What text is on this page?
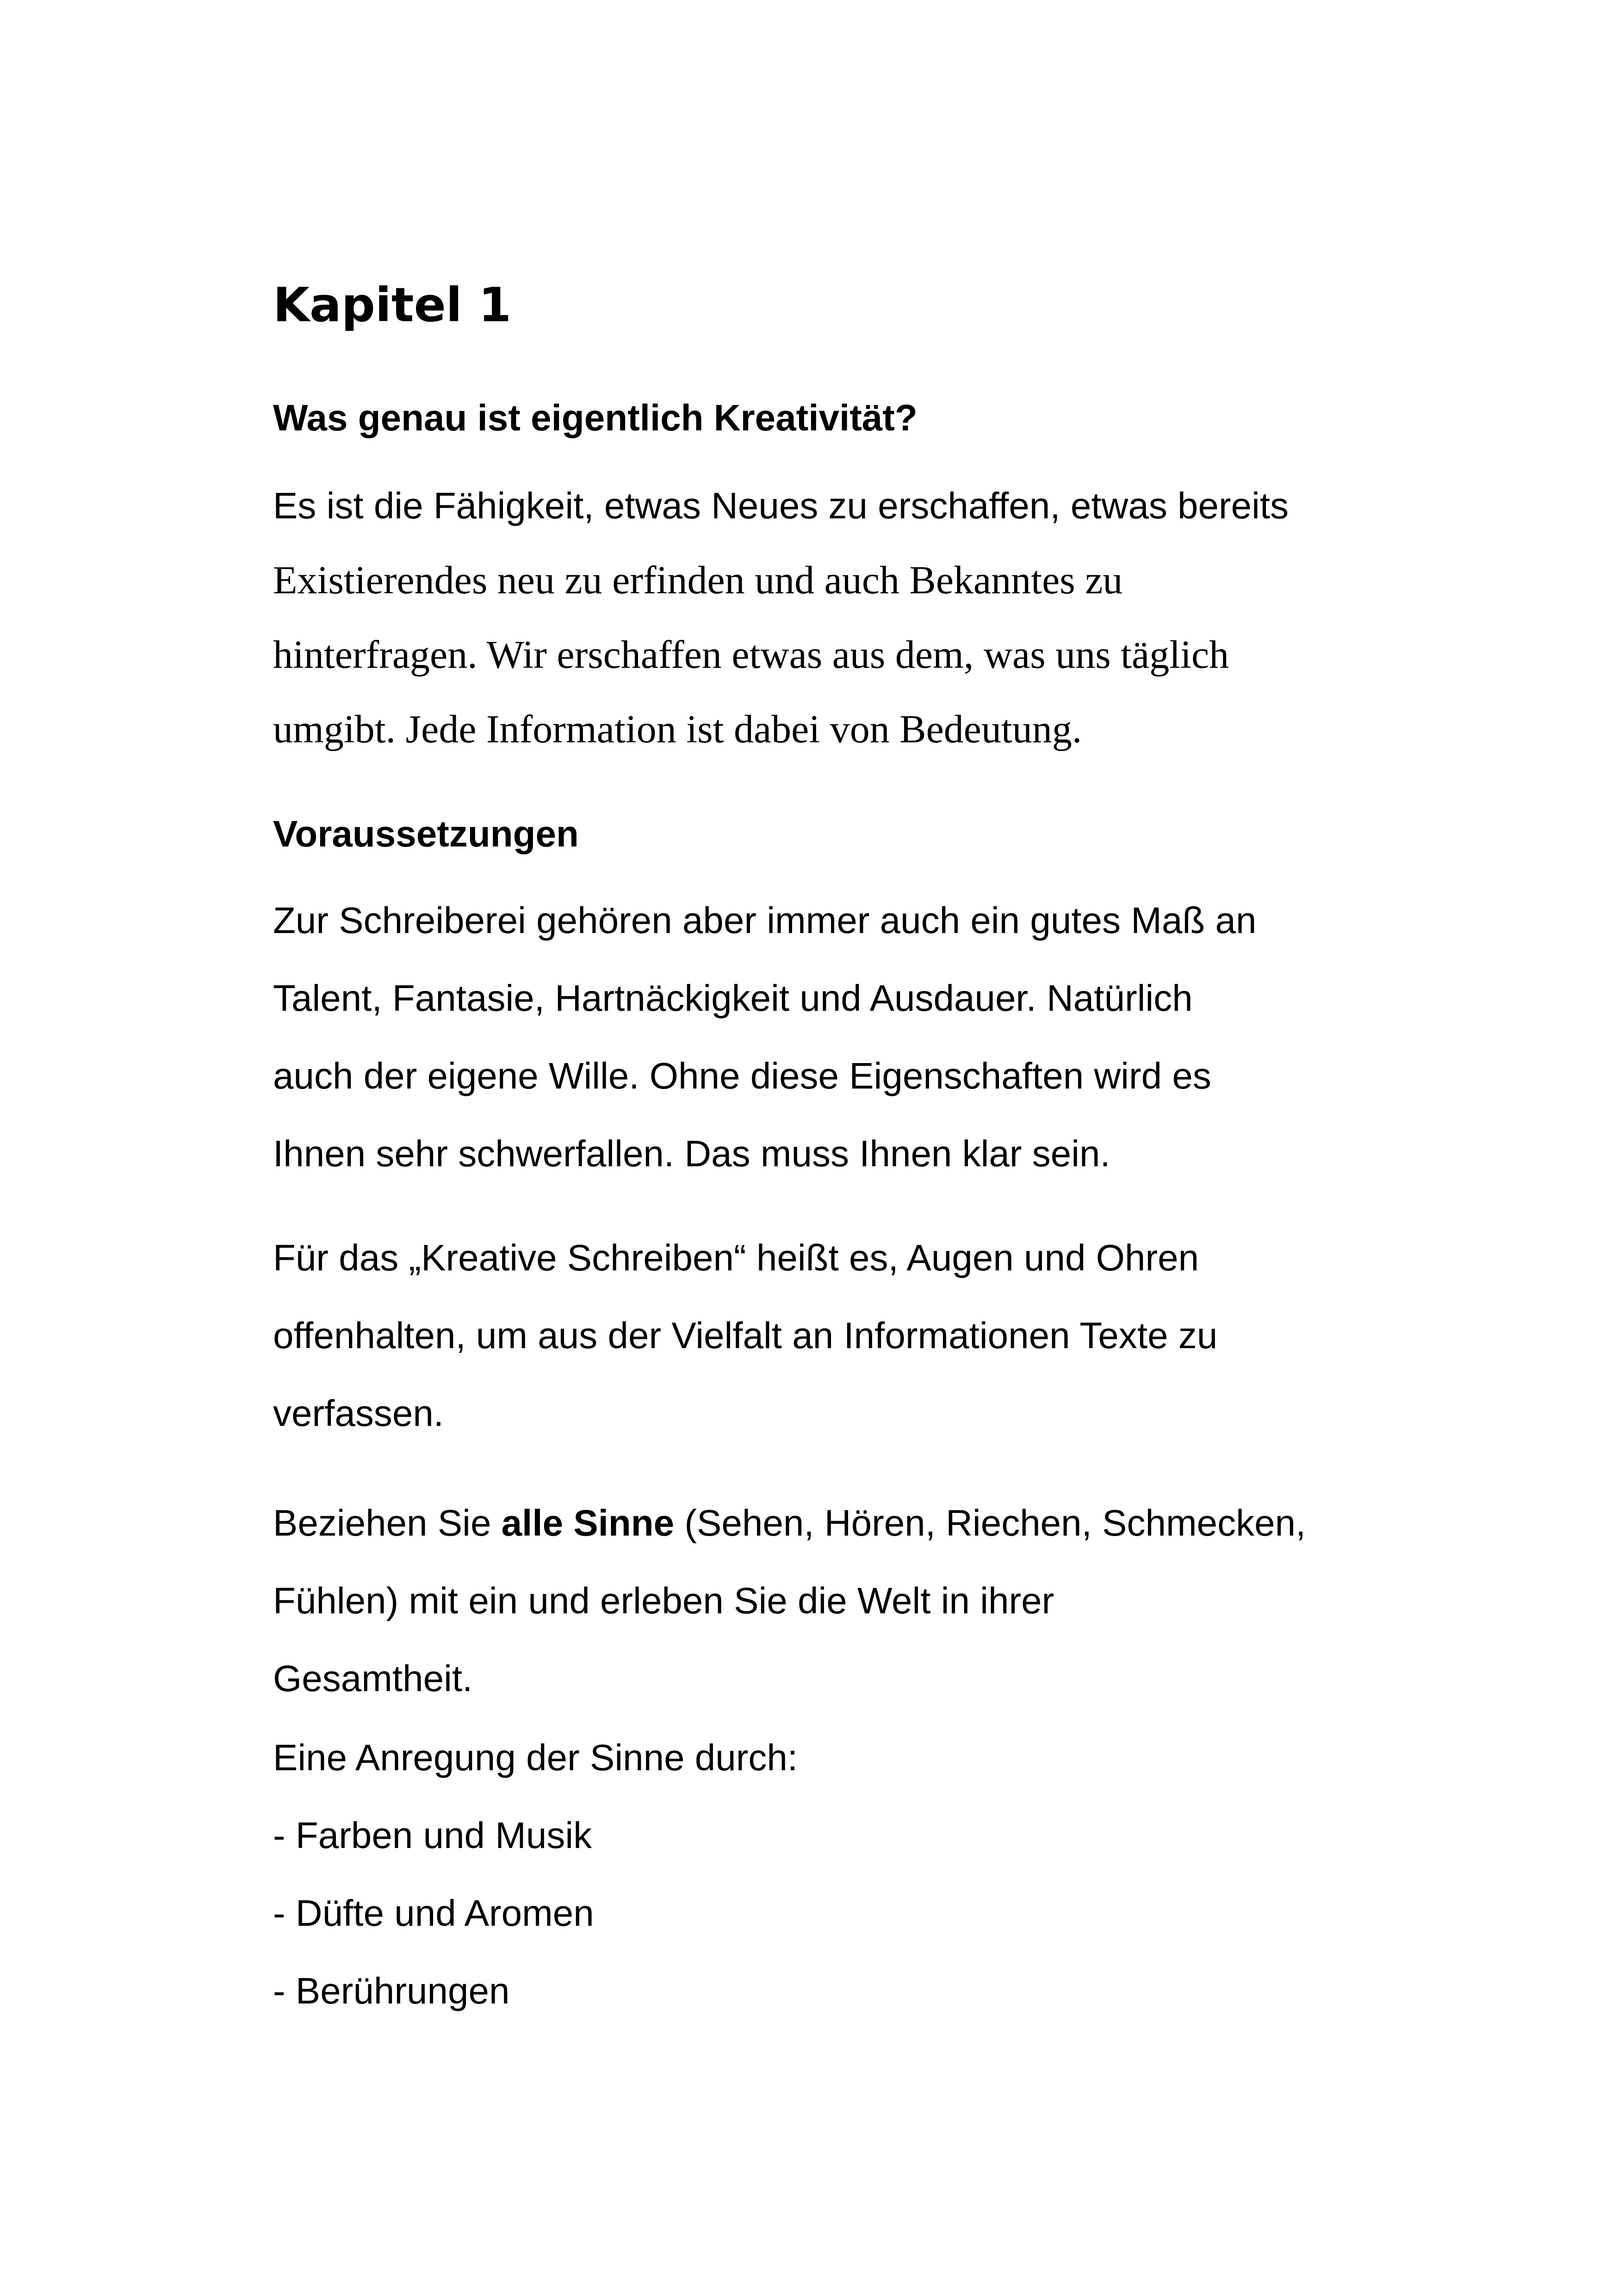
Kapitel 1
Was genau ist eigentlich Kreativität?

Es ist die Fähigkeit, etwas Neues zu erschaffen, etwas bereits
Existierendes neu zu erfinden und auch Bekanntes zu
hinterfragen. Wir erschaffen etwas aus dem, was uns täglich
umgibt. Jede Information ist dabei von Bedeutung.

Voraussetzungen

Zur Schreiberei gehören aber immer auch ein gutes Maß an
Talent, Fantasie, Hartnäckigkeit und Ausdauer. Natürlich
auch der eigene Wille. Ohne diese Eigenschaften wird es
Ihnen sehr schwerfallen. Das muss Ihnen klar sein.

Für das „Kreative Schreiben“ heißt es, Augen und Ohren
offenhalten, um aus der Vielfalt an Informationen Texte zu
verfassen.

Beziehen Sie alle Sinne (Sehen, Hören, Riechen, Schmecken,
Fühlen) mit ein und erleben Sie die Welt in ihrer
Gesamtheit.

Eine Anregung der Sinne durch:
- Farben und Musik
- Düfte und Aromen
- Berührungen
